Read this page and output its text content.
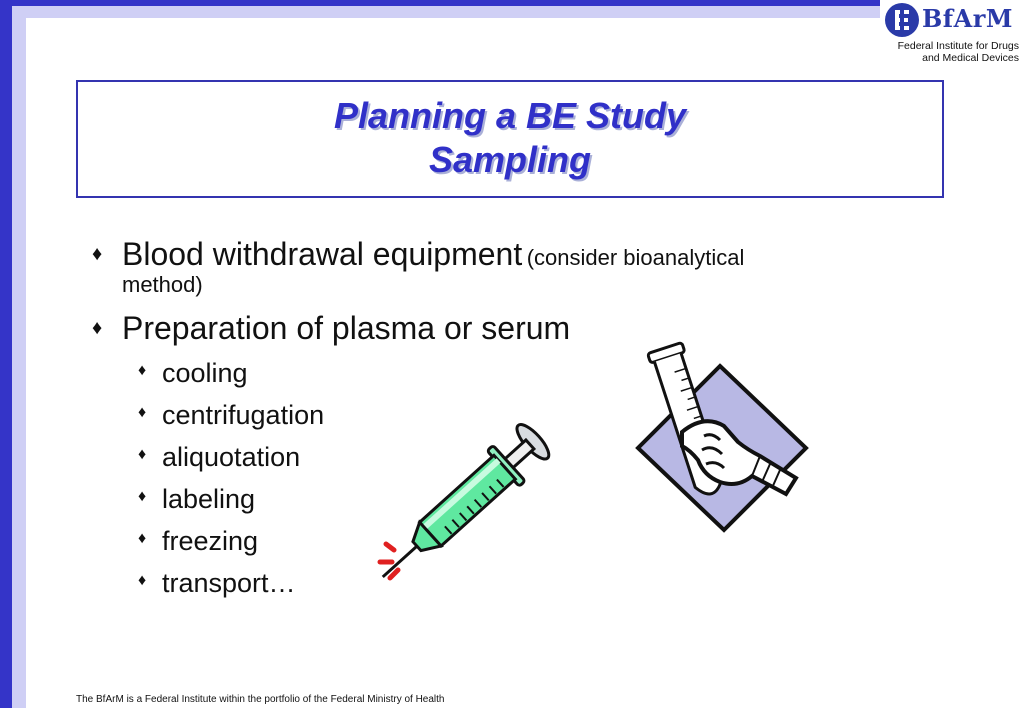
BfArM
Federal Institute for Drugs
and Medical Devices
Planning a BE Study
Sampling
♦ Blood withdrawal equipment (consider bioanalytical
method)
♦ Preparation of plasma or serum
♦ cooling
♦ centrifugation
♦ aliquotation
♦ labeling
♦ freezing
♦ transport…
The BfArM is a Federal Institute within the portfolio of the Federal Ministry of Health
